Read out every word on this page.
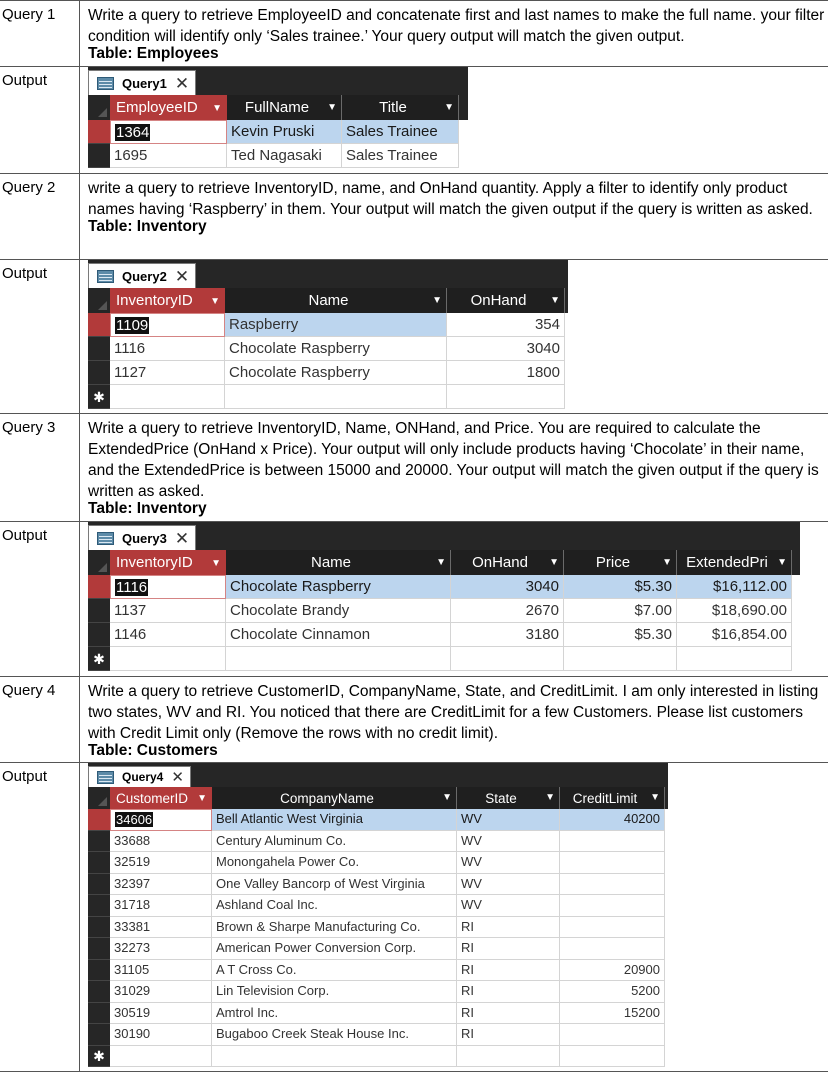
Query 1	Write a query to retrieve EmployeeID and concatenate first and last names to make the full name. your filter condition will identify only ‘Sales trainee.’ Your query output will match the given output.
Table: Employees
Output	Query1 ✕
EmployeeID ▼ FullName ▼	Title	▼
1364	Kevin Pruski	Sales Trainee
1695	Ted Nagasaki	Sales Trainee
Query 2	write a query to retrieve InventoryID, name, and OnHand quantity. Apply a filter to identify only product names having ‘Raspberry’ in them. Your output will match the given output if the query is written as asked.
Table: Inventory
Output	Query2 ✕
InventoryID ▼	Name	▼ OnHand ▼
1109	Raspberry	354
1116	Chocolate Raspberry	3040
1127	Chocolate Raspberry	1800
✱
Query 3	Write a query to retrieve InventoryID, Name, ONHand, and Price. You are required to calculate the ExtendedPrice (OnHand x Price). Your output will only include products having ‘Chocolate’ in their name, and the ExtendedPrice is between 15000 and 20000. Your output will match the given output if the query is written as asked.
Table: Inventory
Output	Query3 ✕
InventoryID ▼	Name	▼ OnHand ▼ Price	▼ ExtendedPri ▼
1116	Chocolate Raspberry	3040	$5.30	$16,112.00
1137	Chocolate Brandy	2670	$7.00	$18,690.00
1146	Chocolate Cinnamon	3180	$5.30	$16,854.00
✱
Query 4	Write a query to retrieve CustomerID, CompanyName, State, and CreditLimit. I am only interested in listing two states, WV and RI. You noticed that there are CreditLimit for a few Customers. Please list customers with Credit Limit only (Remove the rows with no credit limit).
Table: Customers
Output	Query4 ✕
CustomerID ▼	CompanyName	▼ State	▼ CreditLimit ▼
34606	Bell Atlantic West Virginia	WV	40200
33688	Century Aluminum Co.	WV
32519	Monongahela Power Co.	WV
32397	One Valley Bancorp of West Virginia	WV
31718	Ashland Coal Inc.	WV
33381	Brown & Sharpe Manufacturing Co.	RI
32273	American Power Conversion Corp.	RI
31105	A T Cross Co.	RI	20900
31029	Lin Television Corp.	RI	5200
30519	Amtrol Inc.	RI	15200
30190	Bugaboo Creek Steak House Inc.	RI
✱
